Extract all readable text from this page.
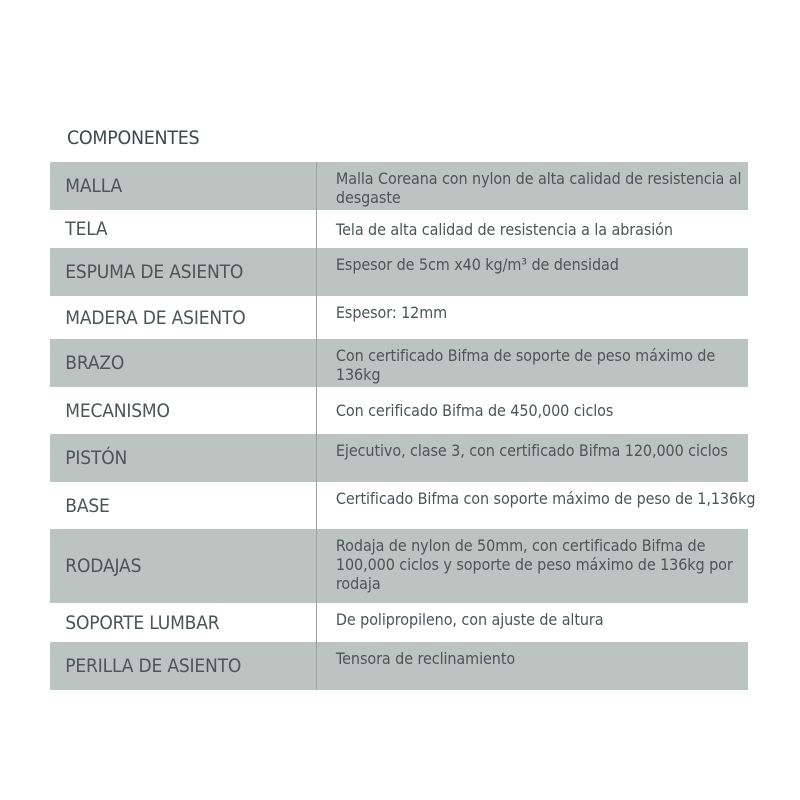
COMPONENTES
MALLA	Malla Coreana con nylon de alta calidad de resistencia al desgaste

TELA	Tela de alta calidad de resistencia a la abrasión

ESPUMA DE ASIENTO	Espesor de 5cm x40 kg/m³ de densidad

MADERA DE ASIENTO	Espesor: 12mm

BRAZO	Con certificado Bifma de soporte de peso máximo de 136kg

MECANISMO	Con cerificado Bifma de 450,000 ciclos

PISTÓN	Ejecutivo, clase 3, con certificado Bifma 120,000 ciclos

BASE	Certificado Bifma con soporte máximo de peso de 1,136kg

RODAJAS	Rodaja de nylon de 50mm, con certificado Bifma de 100,000 ciclos y soporte de peso máximo de 136kg por rodaja

SOPORTE LUMBAR	De polipropileno, con ajuste de altura

PERILLA DE ASIENTO	Tensora de reclinamiento
